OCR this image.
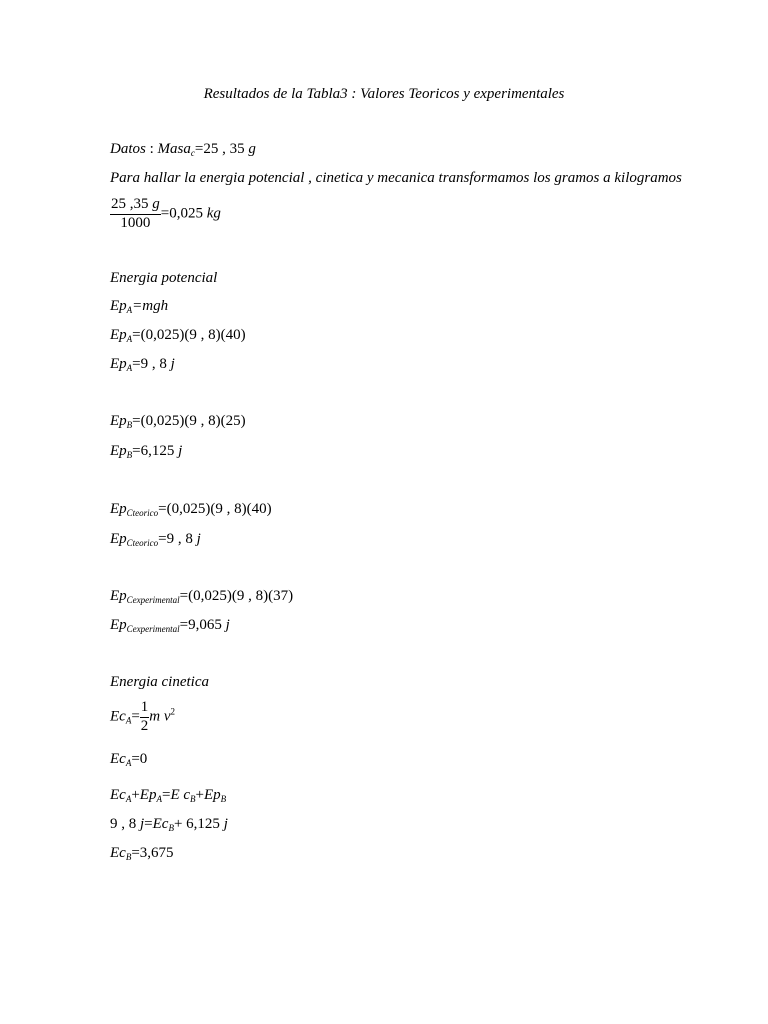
Resultados de la Tabla3 : Valores Teoricos y experimentales
Datos : Masa$_c$=25 , 35 g
Para hallar la energia potencial , cinetica y mecanica transformamos los gramos a kilogramos
$\frac{25 ,35 g}{1000} =0,025$ kg
Energia potencial
$Ep_A=mgh$
$Ep_A=(0,025)(9$ , 8)(40)
$Ep_A=9$ , 8 j
$Ep_B=(0,025)(9$ , 8)(25)
$Ep_B=6,125$ j
$Ep_{Cteorico}=(0,025)(9$ , 8)(40)
$Ep_{Cteorico}=9$ , 8 j
$Ep_{Cexperimental}=(0,025)(9$ , 8)(37)
$Ep_{Cexperimental}=9,065$ j
Energia cinetica
$Ec_A= \frac{1}{2}$ m $v^2$
$Ec_A=0$
$Ec_A+Ep_A=E$ $c_B+Ep_B$
9 , 8 $j=Ec_B+ 6,125$ j
$Ec_B=3,675$
